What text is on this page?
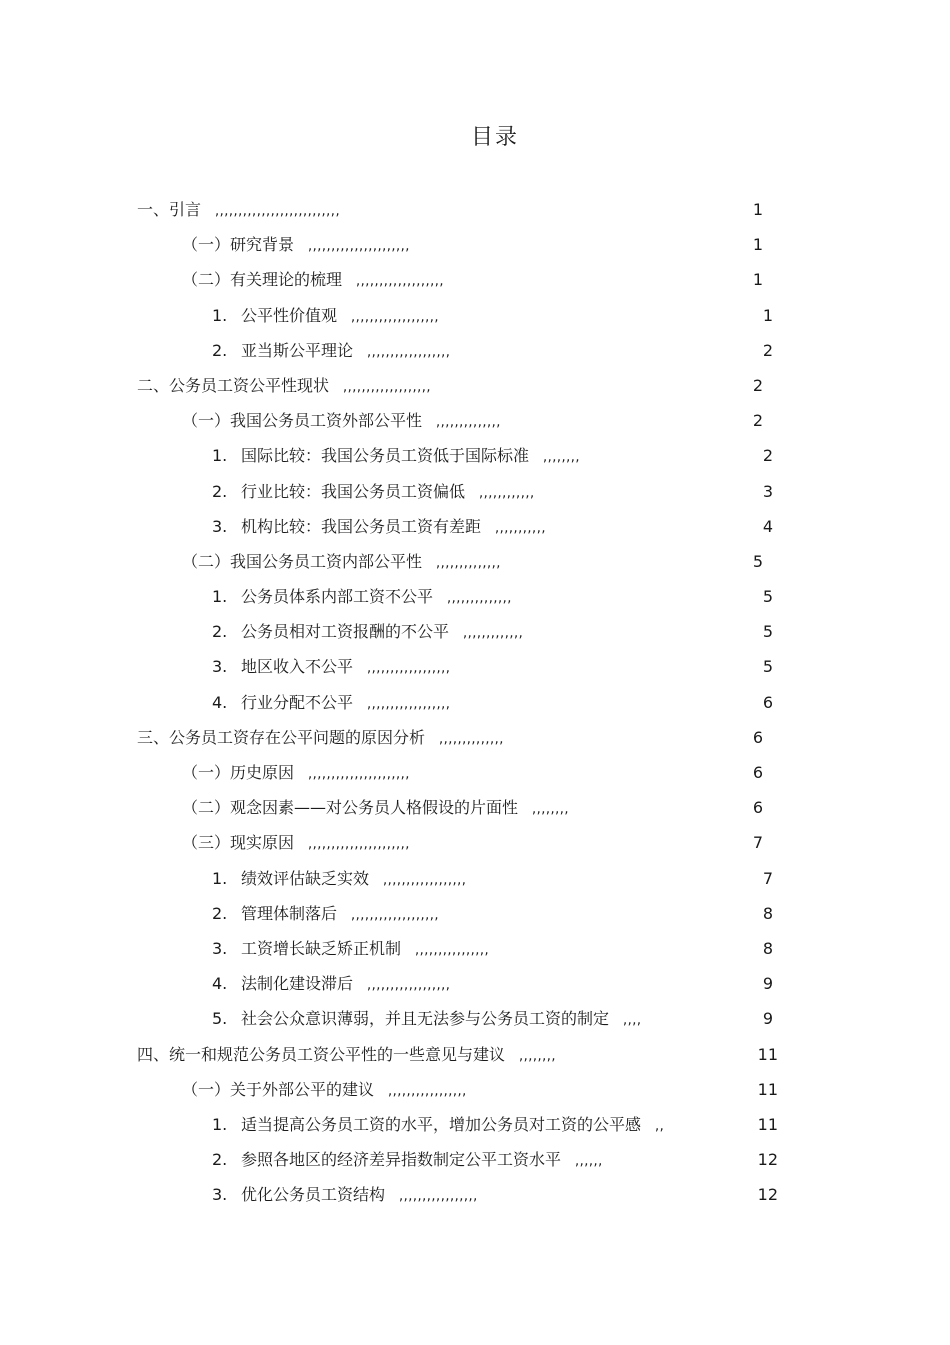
目录
一、引言 ,,,,,,,,,,,,,,,,,,,,,,,,,,,	1
（一）研究背景 ,,,,,,,,,,,,,,,,,,,,,,	1
（二）有关理论的梳理 ,,,,,,,,,,,,,,,,,,,	1
1. 公平性价值观 ,,,,,,,,,,,,,,,,,,,	1
2. 亚当斯公平理论 ,,,,,,,,,,,,,,,,,,	2
二、公务员工资公平性现状 ,,,,,,,,,,,,,,,,,,,	2
（一）我国公务员工资外部公平性 ,,,,,,,,,,,,,,	2
1. 国际比较：我国公务员工资低于国际标准 ,,,,,,,,	2
2. 行业比较：我国公务员工资偏低 ,,,,,,,,,,,,	3
3. 机构比较：我国公务员工资有差距 ,,,,,,,,,,,	4
（二）我国公务员工资内部公平性 ,,,,,,,,,,,,,,	5
1. 公务员体系内部工资不公平 ,,,,,,,,,,,,,,	5
2. 公务员相对工资报酬的不公平 ,,,,,,,,,,,,,	5
3. 地区收入不公平 ,,,,,,,,,,,,,,,,,,	5
4. 行业分配不公平 ,,,,,,,,,,,,,,,,,,	6
三、公务员工资存在公平问题的原因分析 ,,,,,,,,,,,,,,	6
（一）历史原因 ,,,,,,,,,,,,,,,,,,,,,,	6
（二）观念因素——对公务员人格假设的片面性 ,,,,,,,,	6
（三）现实原因 ,,,,,,,,,,,,,,,,,,,,,,	7
1. 绩效评估缺乏实效 ,,,,,,,,,,,,,,,,,,	7
2. 管理体制落后 ,,,,,,,,,,,,,,,,,,,	8
3. 工资增长缺乏矫正机制 ,,,,,,,,,,,,,,,,	8
4. 法制化建设滞后 ,,,,,,,,,,,,,,,,,,	9
5. 社会公众意识薄弱，并且无法参与公务员工资的制定 ,,,,	9
四、统一和规范公务员工资公平性的一些意见与建议 ,,,,,,,,	11
（一）关于外部公平的建议 ,,,,,,,,,,,,,,,,,	11
1. 适当提高公务员工资的水平，增加公务员对工资的公平感 ,,	11
2. 参照各地区的经济差异指数制定公平工资水平 ,,,,,,	12
3. 优化公务员工资结构 ,,,,,,,,,,,,,,,,,	12
